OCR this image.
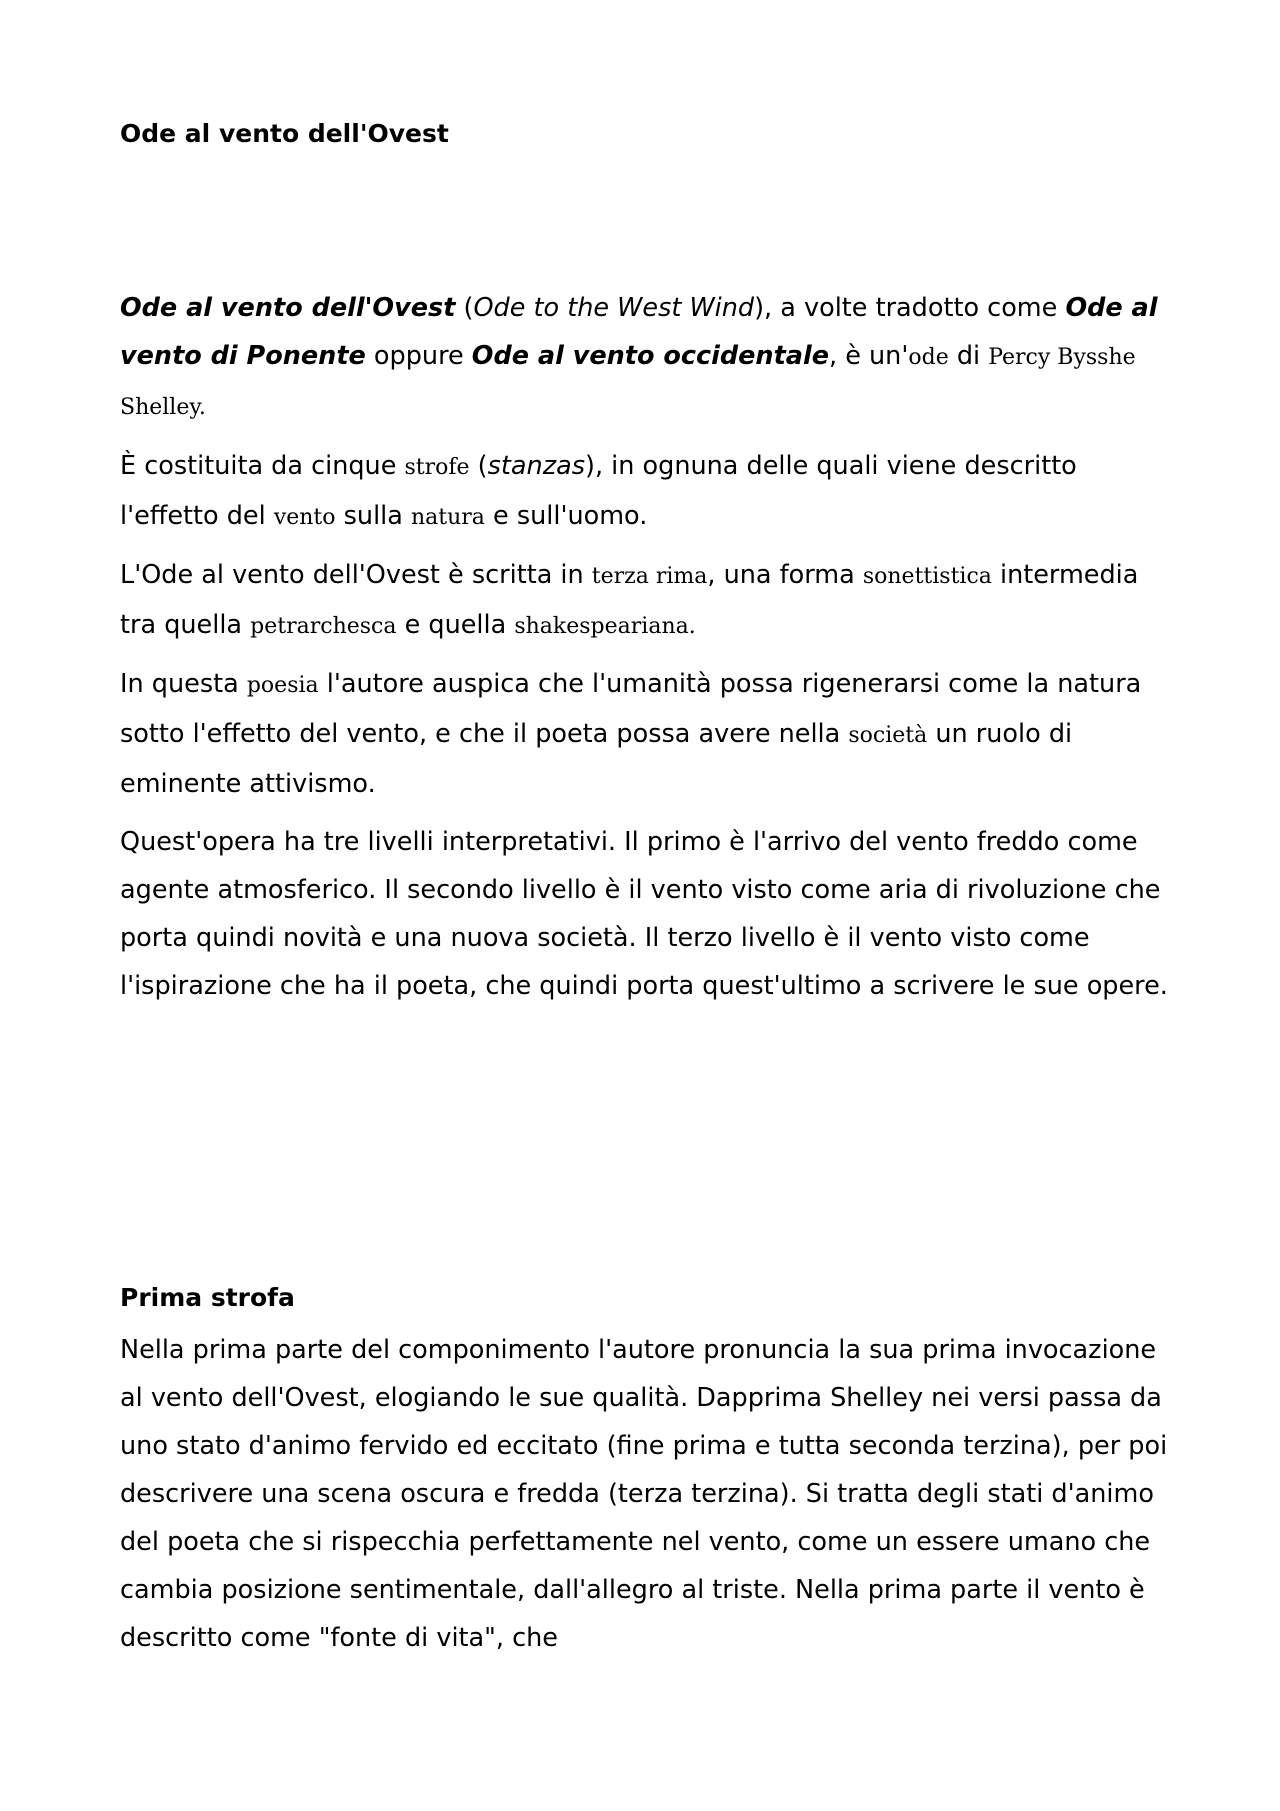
Ode al vento dell'Ovest

Ode al vento dell'Ovest (Ode to the West Wind), a volte tradotto come Ode al vento di Ponente oppure Ode al vento occidentale, è un'ode di Percy Bysshe Shelley.

È costituita da cinque strofe (stanzas), in ognuna delle quali viene descritto l'effetto del vento sulla natura e sull'uomo.

L'Ode al vento dell'Ovest è scritta in terza rima, una forma sonettistica intermedia tra quella petrarchesca e quella shakespeariana.

In questa poesia l'autore auspica che l'umanità possa rigenerarsi come la natura sotto l'effetto del vento, e che il poeta possa avere nella società un ruolo di eminente attivismo.

Quest'opera ha tre livelli interpretativi. Il primo è l'arrivo del vento freddo come agente atmosferico. Il secondo livello è il vento visto come aria di rivoluzione che porta quindi novità e una nuova società. Il terzo livello è il vento visto come l'ispirazione che ha il poeta, che quindi porta quest'ultimo a scrivere le sue opere.

Prima strofa

Nella prima parte del componimento l'autore pronuncia la sua prima invocazione al vento dell'Ovest, elogiando le sue qualità. Dapprima Shelley nei versi passa da uno stato d'animo fervido ed eccitato (fine prima e tutta seconda terzina), per poi descrivere una scena oscura e fredda (terza terzina). Si tratta degli stati d'animo del poeta che si rispecchia perfettamente nel vento, come un essere umano che cambia posizione sentimentale, dall'allegro al triste. Nella prima parte il vento è descritto come "fonte di vita", che
